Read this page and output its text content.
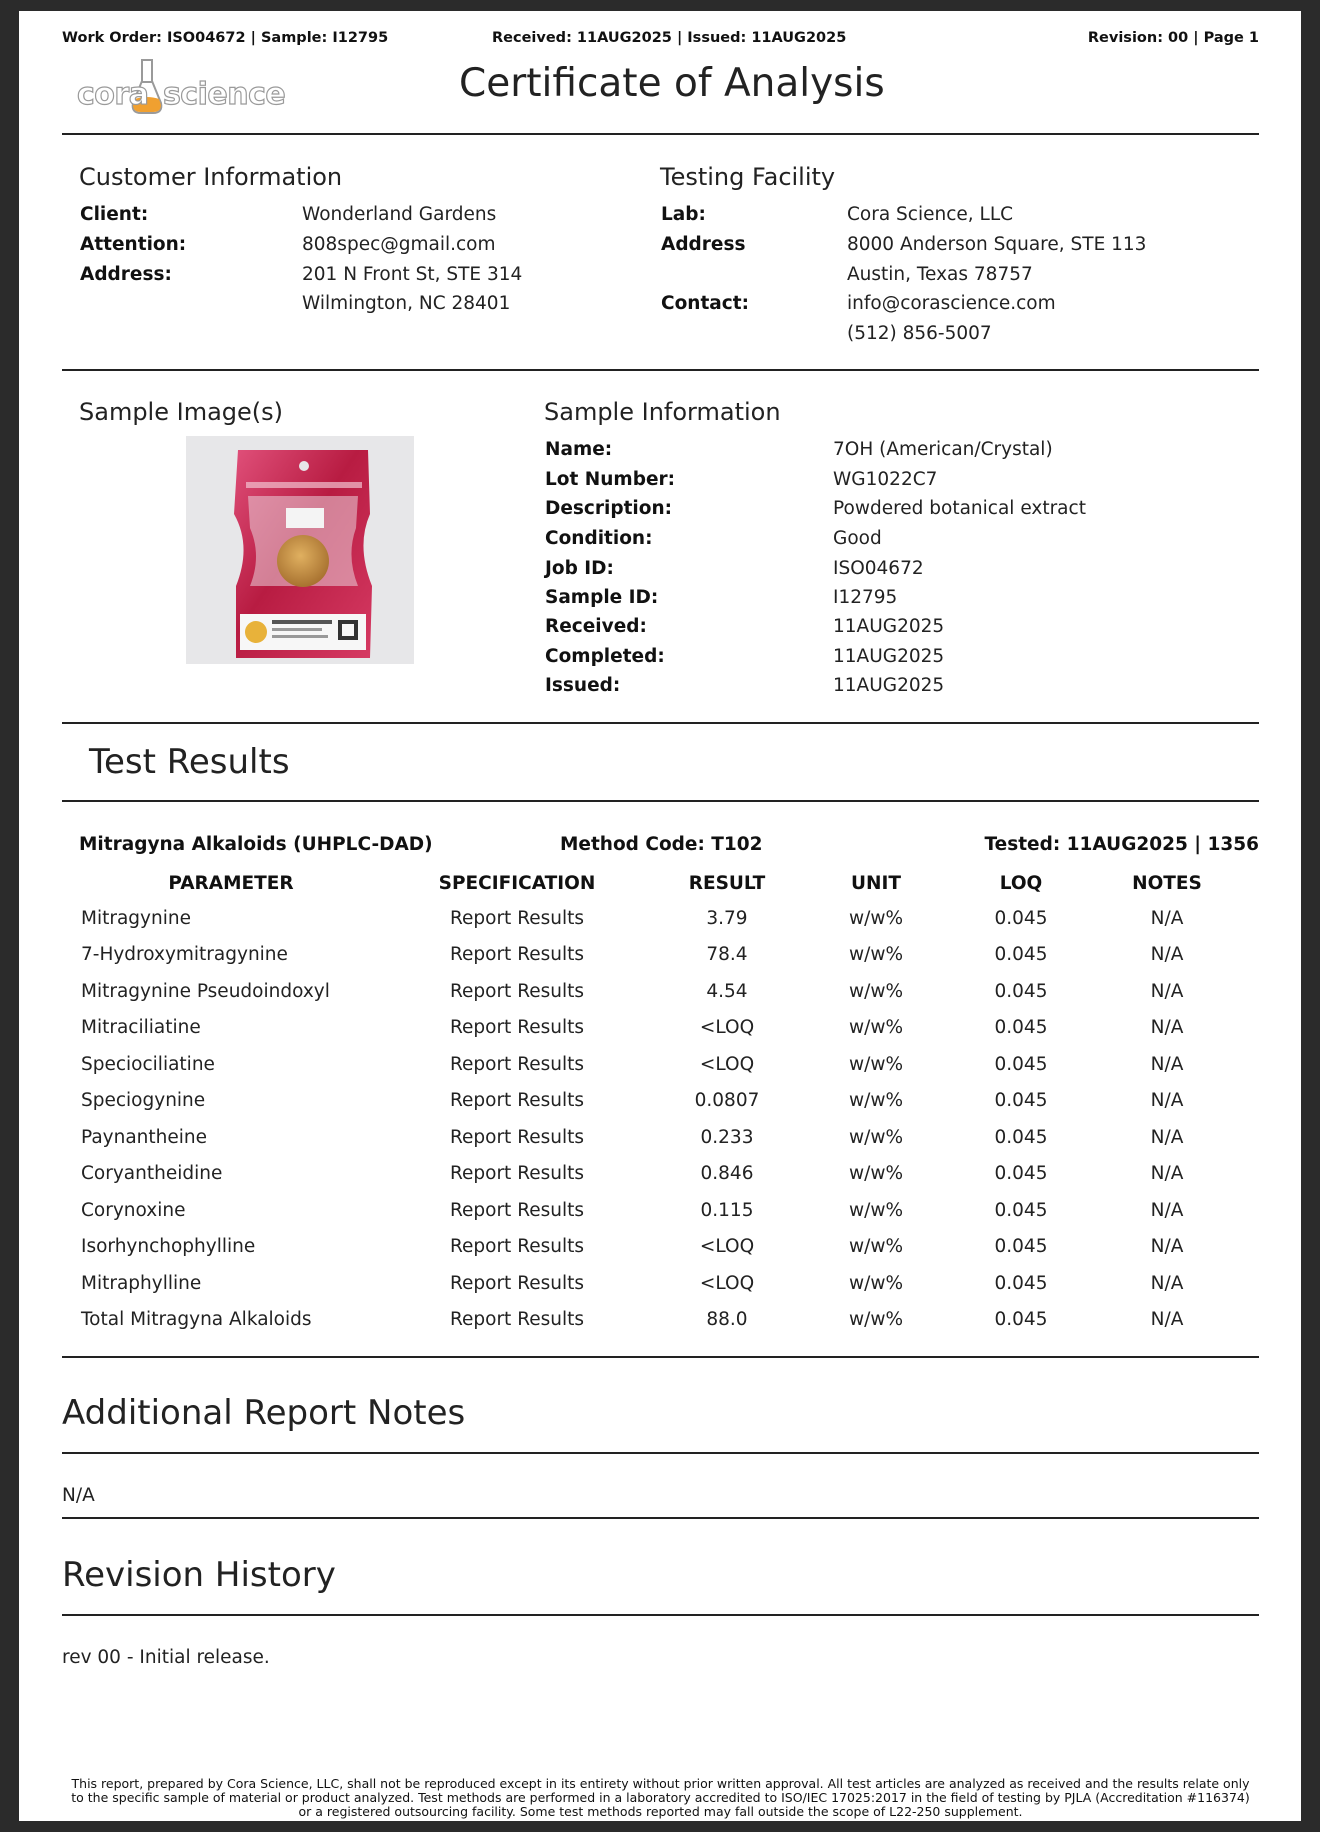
Work Order: ISO04672 | Sample: I12795	Received: 11AUG2025 | Issued: 11AUG2025	Revision: 00 | Page 1
cora science	Certificate of Analysis
Customer Information
Client:	Wonderland Gardens
Attention:	808spec@gmail.com
Address:	201 N Front St, STE 314
Wilmington, NC 28401
Testing Facility
Lab:	Cora Science, LLC
Address	8000 Anderson Square, STE 113
Austin, Texas 78757
Contact:	info@corascience.com
(512) 856-5007
Sample Image(s)	Sample Information
Name:	7OH (American/Crystal)
Lot Number:	WG1022C7
Description:	Powdered botanical extract
Condition:	Good
Job ID:	ISO04672
Sample ID:	I12795
Received:	11AUG2025
Completed:	11AUG2025
Issued:	11AUG2025
Test Results
Mitragyna Alkaloids (UHPLC-DAD)	Method Code: T102	Tested: 11AUG2025 | 1356
PARAMETER	SPECIFICATION	RESULT	UNIT	LOQ	NOTES
Mitragynine	Report Results	3.79	w/w%	0.045	N/A
7-Hydroxymitragynine	Report Results	78.4	w/w%	0.045	N/A
Mitragynine Pseudoindoxyl	Report Results	4.54	w/w%	0.045	N/A
Mitraciliatine	Report Results	<LOQ	w/w%	0.045	N/A
Speciociliatine	Report Results	<LOQ	w/w%	0.045	N/A
Speciogynine	Report Results	0.0807	w/w%	0.045	N/A
Paynantheine	Report Results	0.233	w/w%	0.045	N/A
Coryantheidine	Report Results	0.846	w/w%	0.045	N/A
Corynoxine	Report Results	0.115	w/w%	0.045	N/A
Isorhynchophylline	Report Results	<LOQ	w/w%	0.045	N/A
Mitraphylline	Report Results	<LOQ	w/w%	0.045	N/A
Total Mitragyna Alkaloids	Report Results	88.0	w/w%	0.045	N/A
Additional Report Notes
N/A
Revision History
rev 00 - Initial release.
This report, prepared by Cora Science, LLC, shall not be reproduced except in its entirety without prior written approval. All test articles are analyzed as received and the results relate only
to the specific sample of material or product analyzed. Test methods are performed in a laboratory accredited to ISO/IEC 17025:2017 in the field of testing by PJLA (Accreditation #116374)
or a registered outsourcing facility. Some test methods reported may fall outside the scope of L22-250 supplement.
